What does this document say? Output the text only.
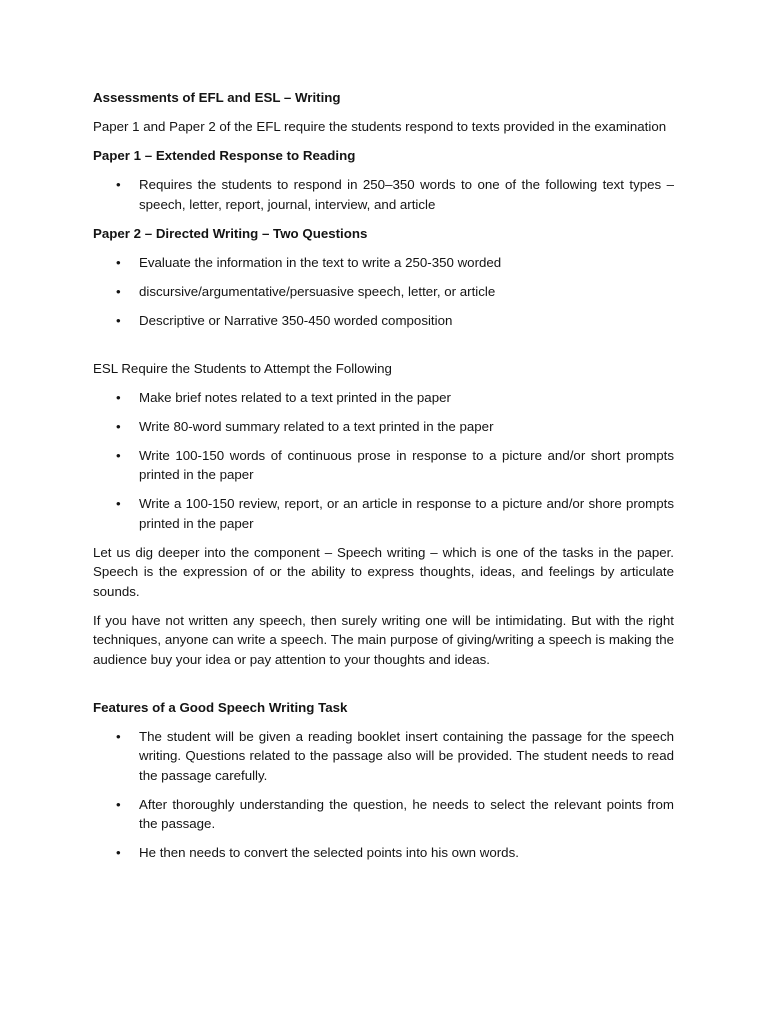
Assessments of EFL and ESL – Writing

Paper 1 and Paper 2 of the EFL require the students respond to texts provided in the examination

Paper 1 – Extended Response to Reading
• Requires the students to respond in 250–350 words to one of the following text types – speech, letter, report, journal, interview, and article
Paper 2 – Directed Writing – Two Questions
• Evaluate the information in the text to write a 250-350 worded
• discursive/argumentative/persuasive speech, letter, or article
• Descriptive or Narrative 350-450 worded composition
ESL Require the Students to Attempt the Following
• Make brief notes related to a text printed in the paper
• Write 80-word summary related to a text printed in the paper
• Write 100-150 words of continuous prose in response to a picture and/or short prompts printed in the paper
• Write a 100-150 review, report, or an article in response to a picture and/or shore prompts printed in the paper

Let us dig deeper into the component – Speech writing – which is one of the tasks in the paper. Speech is the expression of or the ability to express thoughts, ideas, and feelings by articulate sounds.

If you have not written any speech, then surely writing one will be intimidating. But with the right techniques, anyone can write a speech. The main purpose of giving/writing a speech is making the audience buy your idea or pay attention to your thoughts and ideas.

Features of a Good Speech Writing Task
• The student will be given a reading booklet insert containing the passage for the speech writing. Questions related to the passage also will be provided. The student needs to read the passage carefully.
• After thoroughly understanding the question, he needs to select the relevant points from the passage.
• He then needs to convert the selected points into his own words.
